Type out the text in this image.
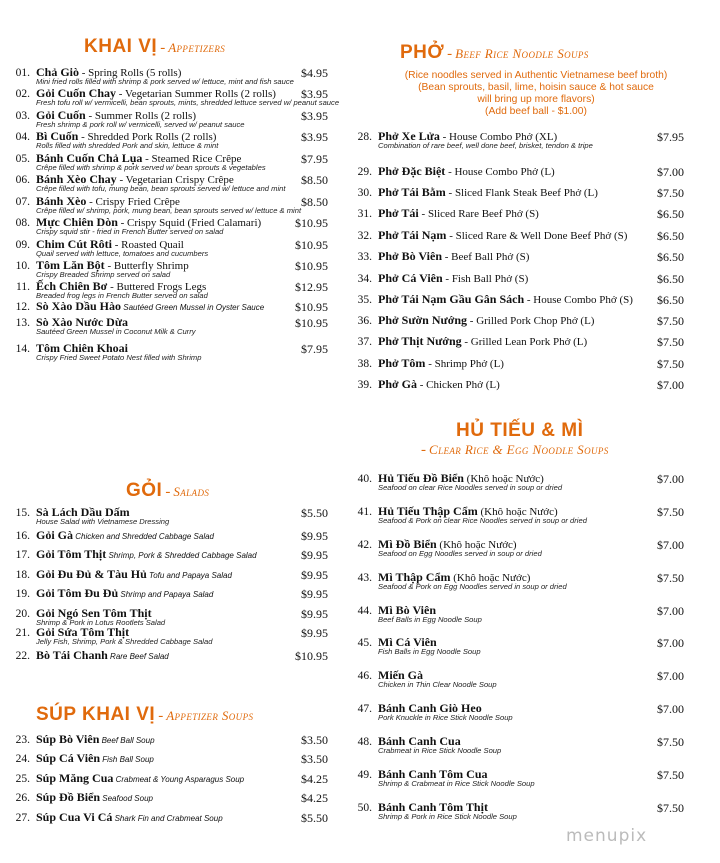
KHAI VỊ - Appetizers
01. Chả Giò - Spring Rolls (5 rolls)
Mini fried rolls filled with shrimp & pork served w/ lettuce, mint and fish sauce
$4.95
02. Gỏi Cuốn Chay - Vegetarian Summer Rolls (2 rolls)
Fresh tofu roll w/ vermicelli, bean sprouts, mints, shredded lettuce served w/ peanut sauce
$3.95
03. Gỏi Cuốn - Summer Rolls (2 rolls)
Fresh shrimp & pork roll w/ vermicelli, served w/ peanut sauce
$3.95
04. Bì Cuốn - Shredded Pork Rolls (2 rolls)
Rolls filled with shredded Pork and skin, lettuce & mint
$3.95
05. Bánh Cuốn Chả Lụa - Steamed Rice Crêpe
Crêpe filled with shrimp & pork served w/ bean sprouts & vegetables
$7.95
06. Bánh Xèo Chay - Vegetarian Crispy Crêpe
Crêpe filled with tofu, mung bean, bean sprouts served w/ lettuce and mint
$8.50
07. Bánh Xèo - Crispy Fried Crêpe
Crêpe filled w/ shrimp, pork, mung bean, bean sprouts served w/ lettuce & mint
$8.50
08. Mực Chiên Dòn - Crispy Squid (Fried Calamari)
Crispy squid stir - fried in French Butter served on salad
$10.95
09. Chim Cút Rôti - Roasted Quail
Quail served with lettuce, tomatoes and cucumbers
$10.95
10. Tôm Lăn Bột - Butterfly Shrimp
Crispy Breaded Shrimp served on salad
$10.95
11. Ếch Chiên Bơ - Buttered Frogs Legs
Breaded frog legs in French Butter served on salad
$12.95
12. Sò Xào Dầu Hào Sautéed Green Mussel in Oyster Sauce	$10.95
13. Sò Xào Nước Dừa
Sautéed Green Mussel in Coconut Milk & Curry
$10.95
14. Tôm Chiên Khoai
Crispy Fried Sweet Potato Nest filled with Shrimp
$7.95
GỎI - Salads
15. Sà Lách Dầu Dấm
House Salad with Vietnamese Dressing
$5.50
16. Gỏi Gà Chicken and Shredded Cabbage Salad	$9.95
17. Gỏi Tôm Thịt Shrimp, Pork & Shredded Cabbage Salad	$9.95
18. Gỏi Đu Đủ & Tàu Hủ Tofu and Papaya Salad	$9.95
19. Gỏi Tôm Đu Đủ Shrimp and Papaya Salad	$9.95
20. Gỏi Ngó Sen Tôm Thịt
Shrimp & Pork in Lotus Rootlets Salad
$9.95
21. Gỏi Sứa Tôm Thịt
Jelly Fish, Shrimp, Pork & Shredded Cabbage Salad
$9.95
22. Bò Tái Chanh Rare Beef Salad	$10.95
SÚP KHAI VỊ - Appetizer Soups
23. Súp Bò Viên Beef Ball Soup	$3.50
24. Súp Cá Viên Fish Ball Soup	$3.50
25. Súp Măng Cua Crabmeat & Young Asparagus Soup	$4.25
26. Súp Đồ Biển Seafood Soup	$4.25
27. Súp Cua Vi Cá Shark Fin and Crabmeat Soup	$5.50
PHỞ - Beef Rice Noodle Soups
(Rice noodles served in Authentic Vietnamese beef broth)
(Bean sprouts, basil, lime, hoisin sauce & hot sauce
will bring up more flavors)
(Add beef ball - $1.00)
28. Phở Xe Lửa - House Combo Phở (XL)
Combination of rare beef, well done beef, brisket, tendon & tripe
$7.95
29. Phở Đặc Biệt - House Combo Phở (L)	$7.00
30. Phở Tái Bằm - Sliced Flank Steak Beef Phở (L)	$7.50
31. Phở Tái - Sliced Rare Beef Phở (S)	$6.50
32. Phở Tái Nạm - Sliced Rare & Well Done Beef Phở (S) $6.50
33. Phở Bò Viên - Beef Ball Phở (S)	$6.50
34. Phở Cá Viên - Fish Ball Phở (S)	$6.50
35. Phở Tái Nạm Gầu Gân Sách - House Combo Phở (S) $6.50
36. Phở Sườn Nướng - Grilled Pork Chop Phở (L)	$7.50
37. Phở Thịt Nướng - Grilled Lean Pork Phở (L)	$7.50
38. Phở Tôm - Shrimp Phở (L)	$7.50
39. Phở Gà - Chicken Phở (L)	$7.00
HỦ TIẾU & MÌ
- Clear Rice & Egg Noodle Soups
40. Hủ Tiếu Đồ Biển (Khô hoặc Nước)
Seafood on clear Rice Noodles served in soup or dried
$7.00
41. Hủ Tiếu Thập Cẩm (Khô hoặc Nước)
Seafood & Pork on clear Rice Noodles served in soup or dried
$7.50
42. Mì Đồ Biển (Khô hoặc Nước)
Seafood on Egg Noodles served in soup or dried
$7.00
43. Mì Thập Cẩm (Khô hoặc Nước)
Seafood & Pork on Egg Noodles served in soup or dried
$7.50
44. Mì Bò Viên
Beef Balls in Egg Noodle Soup
$7.00
45. Mì Cá Viên
Fish Balls in Egg Noodle Soup
$7.00
46. Miến Gà
Chicken in Thin Clear Noodle Soup
$7.00
47. Bánh Canh Giò Heo
Pork Knuckle in Rice Stick Noodle Soup
$7.00
48. Bánh Canh Cua
Crabmeat in Rice Stick Noodle Soup
$7.50
49. Bánh Canh Tôm Cua
Shrimp & Crabmeat in Rice Stick Noodle Soup
$7.50
50. Bánh Canh Tôm Thịt
Shrimp & Pork in Rice Stick Noodle Soup
$7.50
menupix
